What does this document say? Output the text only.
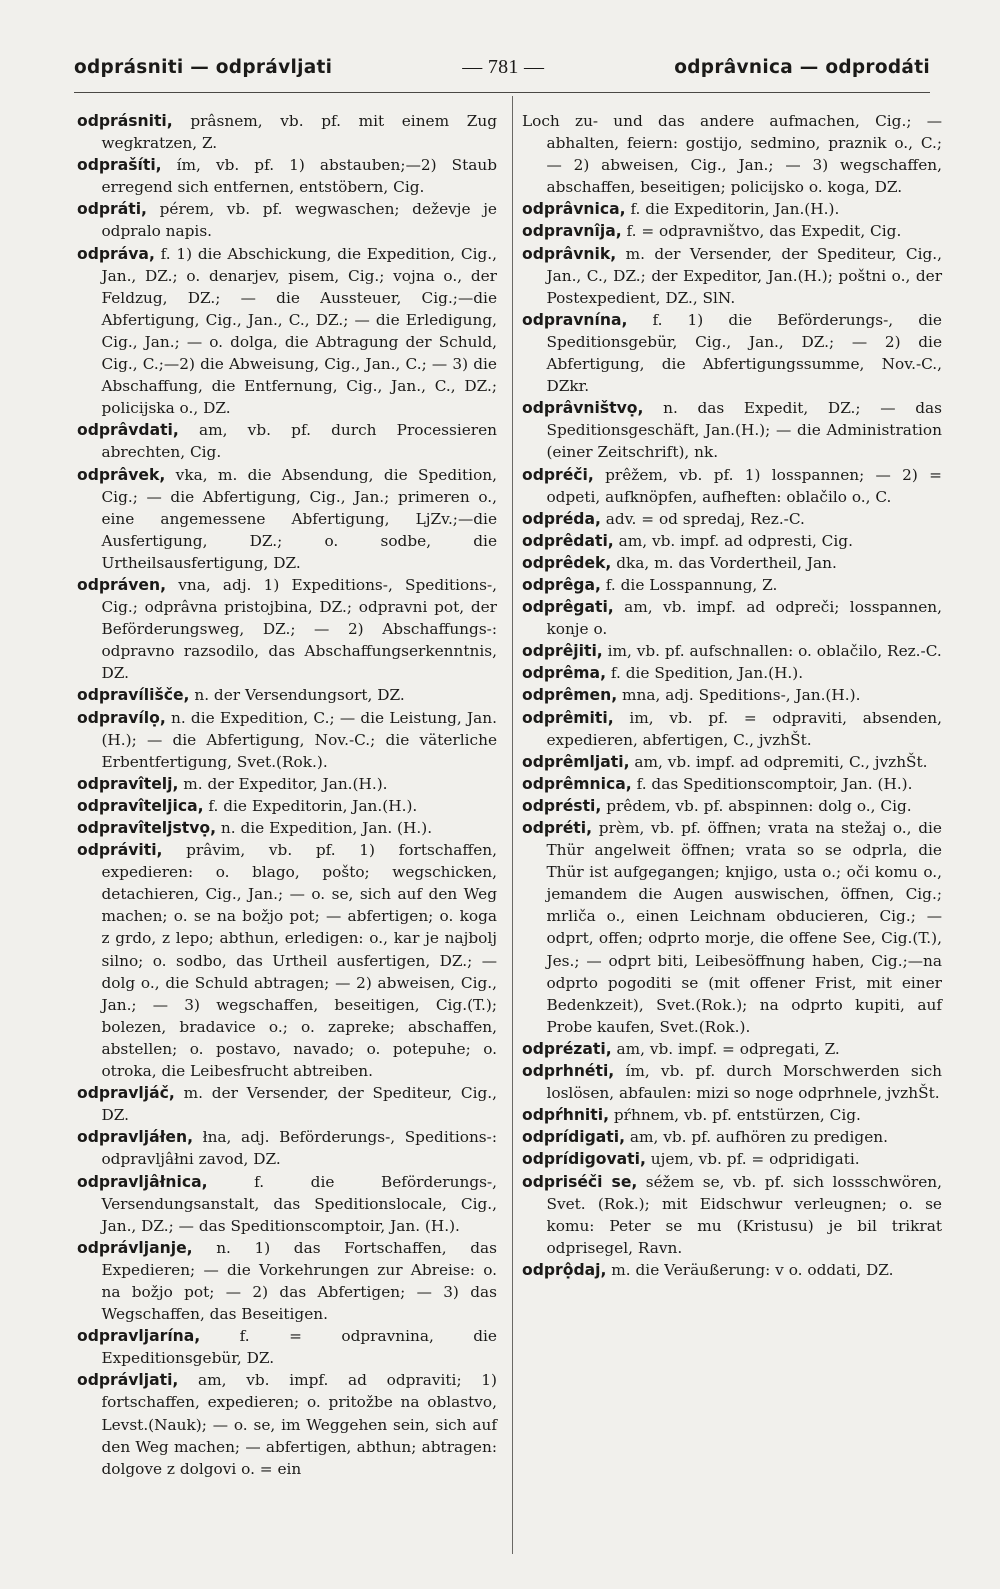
odprásniti — odprávljati	— 781 —	odprâvnica — odprodáti

odprásniti, prâsnem, vb. pf. mit einem Zug wegkratzen, Z.

odprašíti, ím, vb. pf. 1) abstauben;—2) Staub erregend sich entfernen, entstöbern, Cig.

odpráti, pérem, vb. pf. wegwaschen; deževje je odpralo napis.

odpráva, f. 1) die Abschickung, die Expedition, Cig., Jan., DZ.; o. denarjev, pisem, Cig.; vojna o., der Feldzug, DZ.; — die Aussteuer, Cig.;—die Abfertigung, Cig., Jan., C., DZ.; — die Erledigung, Cig., Jan.; — o. dolga, die Abtragung der Schuld, Cig., C.;—2) die Abweisung, Cig., Jan., C.; — 3) die Abschaffung, die Entfernung, Cig., Jan., C., DZ.; policijska o., DZ.

odprâvdati, am, vb. pf. durch Processieren abrechten, Cig.

odprâvek, vka, m. die Absendung, die Spedition, Cig.; — die Abfertigung, Cig., Jan.; primeren o., eine angemessene Abfertigung, LjZv.;—die Ausfertigung, DZ.; o. sodbe, die Urtheilsausfertigung, DZ.

odpráven, vna, adj. 1) Expeditions-, Speditions-, Cig.; odprâvna pristojbina, DZ.; odpravni pot, der Beförderungsweg, DZ.; — 2) Abschaffungs-: odpravno razsodilo, das Abschaffungserkenntnis, DZ.

odpravílišče, n. der Versendungsort, DZ.

odpravílọ, n. die Expedition, C.; — die Leistung, Jan.(H.); — die Abfertigung, Nov.-C.; die väterliche Erbentfertigung, Svet.(Rok.).

odpravîtelj, m. der Expeditor, Jan.(H.).

odpravîteljica, f. die Expeditorin, Jan.(H.).

odpravîteljstvọ, n. die Expedition, Jan. (H.).

odpráviti, prâvim, vb. pf. 1) fortschaffen, expedieren: o. blago, pošto; wegschicken, detachieren, Cig., Jan.; — o. se, sich auf den Weg machen; o. se na božjo pot; — abfertigen; o. koga z grdo, z lepo; abthun, erledigen: o., kar je najbolj silno; o. sodbo, das Urtheil ausfertigen, DZ.; — dolg o., die Schuld abtragen; — 2) abweisen, Cig., Jan.; — 3) wegschaffen, beseitigen, Cig.(T.); bolezen, bradavice o.; o. zapreke; abschaffen, abstellen; o. postavo, navado; o. potepuhe; o. otroka, die Leibesfrucht abtreiben.

odpravljáč, m. der Versender, der Spediteur, Cig., DZ.

odpravljáłen, łna, adj. Beförderungs-, Speditions-: odpravljâłni zavod, DZ.

odpravljâłnica,	f. die Beförderungs-, Versendungsanstalt, das Speditionslocale, Cig., Jan., DZ.; — das Speditionscomptoir, Jan. (H.).

odprávljanje, n. 1) das Fortschaffen, das Expedieren; — die Vorkehrungen zur Abreise: o. na božjo pot; — 2) das Abfertigen; — 3) das Wegschaffen, das Beseitigen.

odpravljarína,	f. = odpravnina, die Expeditionsgebür, DZ.

odprávljati, am, vb. impf. ad odpraviti; 1) fortschaffen, expedieren; o. pritožbe na oblastvo, Levst.(Nauk); — o. se, im Weggehen sein, sich auf den Weg machen; — abfertigen, abthun; abtragen: dolgove z dolgovi o. = ein

Loch zu- und das andere aufmachen, Cig.; — abhalten, feiern: gostijo, sedmino, praznik o., C.; — 2) abweisen, Cig., Jan.; — 3) wegschaffen, abschaffen, beseitigen; policijsko o. koga, DZ.

odprâvnica, f. die Expeditorin, Jan.(H.).

odpravnîja, f. = odpravništvo, das Expedit, Cig.

odprâvnik, m. der Versender, der Spediteur, Cig., Jan., C., DZ.; der Expeditor, Jan.(H.); poštni o., der Postexpedient, DZ., SlN.

odpravnína, f. 1) die Beförderungs-, die Speditionsgebür, Cig., Jan., DZ.; — 2) die Abfertigung, die Abfertigungssumme, Nov.-C., DZkr.

odprâvništvọ, n. das Expedit, DZ.; — das Speditionsgeschäft, Jan.(H.); — die Administration (einer Zeitschrift), nk.

odpréči, prêžem, vb. pf. 1) losspannen; — 2) = odpeti, aufknöpfen, aufheften: oblačilo o., C.

odpréda, adv. = od spredaj, Rez.-C.

odprêdati, am, vb. impf. ad odpresti, Cig.

odprêdek, dka, m. das Vordertheil, Jan.

odprêga, f. die Losspannung, Z.

odprêgati, am, vb. impf. ad odpreči; losspannen, konje o.

odprêjiti, im, vb. pf. aufschnallen: o. oblačilo, Rez.-C.

odprêma, f. die Spedition, Jan.(H.).

odprêmen, mna, adj. Speditions-, Jan.(H.).

odprêmiti, im, vb. pf. = odpraviti, absenden, expedieren, abfertigen, C., jvzhŠt.

odprêmljati, am, vb. impf. ad odpremiti, C., jvzhŠt.

odprêmnica, f. das Speditionscomptoir, Jan. (H.).

odprésti, prêdem, vb. pf. abspinnen: dolg o., Cig.

odpréti, prèm, vb. pf. öffnen; vrata na stežaj o., die Thür angelweit öffnen; vrata so se odprla, die Thür ist aufgegangen; knjigo, usta o.; oči komu o., jemandem die Augen auswischen, öffnen, Cig.; mrliča o., einen Leichnam obducieren, Cig.; — odprt, offen; odprto morje, die offene See, Cig.(T.), Jes.; — odprt biti, Leibesöffnung haben, Cig.;—na odprto pogoditi se (mit offener Frist, mit einer Bedenkzeit), Svet.(Rok.); na odprto kupiti, auf Probe kaufen, Svet.(Rok.).

odprézati, am, vb. impf. = odpregati, Z.

odprhnéti, ím, vb. pf. durch Morschwerden sich loslösen, abfaulen: mizi so noge odprhnele, jvzhŠt.

odpŕhniti, pŕhnem, vb. pf. entstürzen, Cig.

odprídigati, am, vb. pf. aufhören zu predigen.

odprídigovati, ujem, vb. pf. = odpridigati.

odpriséči se, séžem se, vb. pf. sich lossschwören, Svet. (Rok.); mit Eidschwur verleugnen; o. se komu: Peter se mu (Kristusu) je bil trikrat odprisegel, Ravn.

odprộdaj, m. die Veräußerung: v o. oddati, DZ.
